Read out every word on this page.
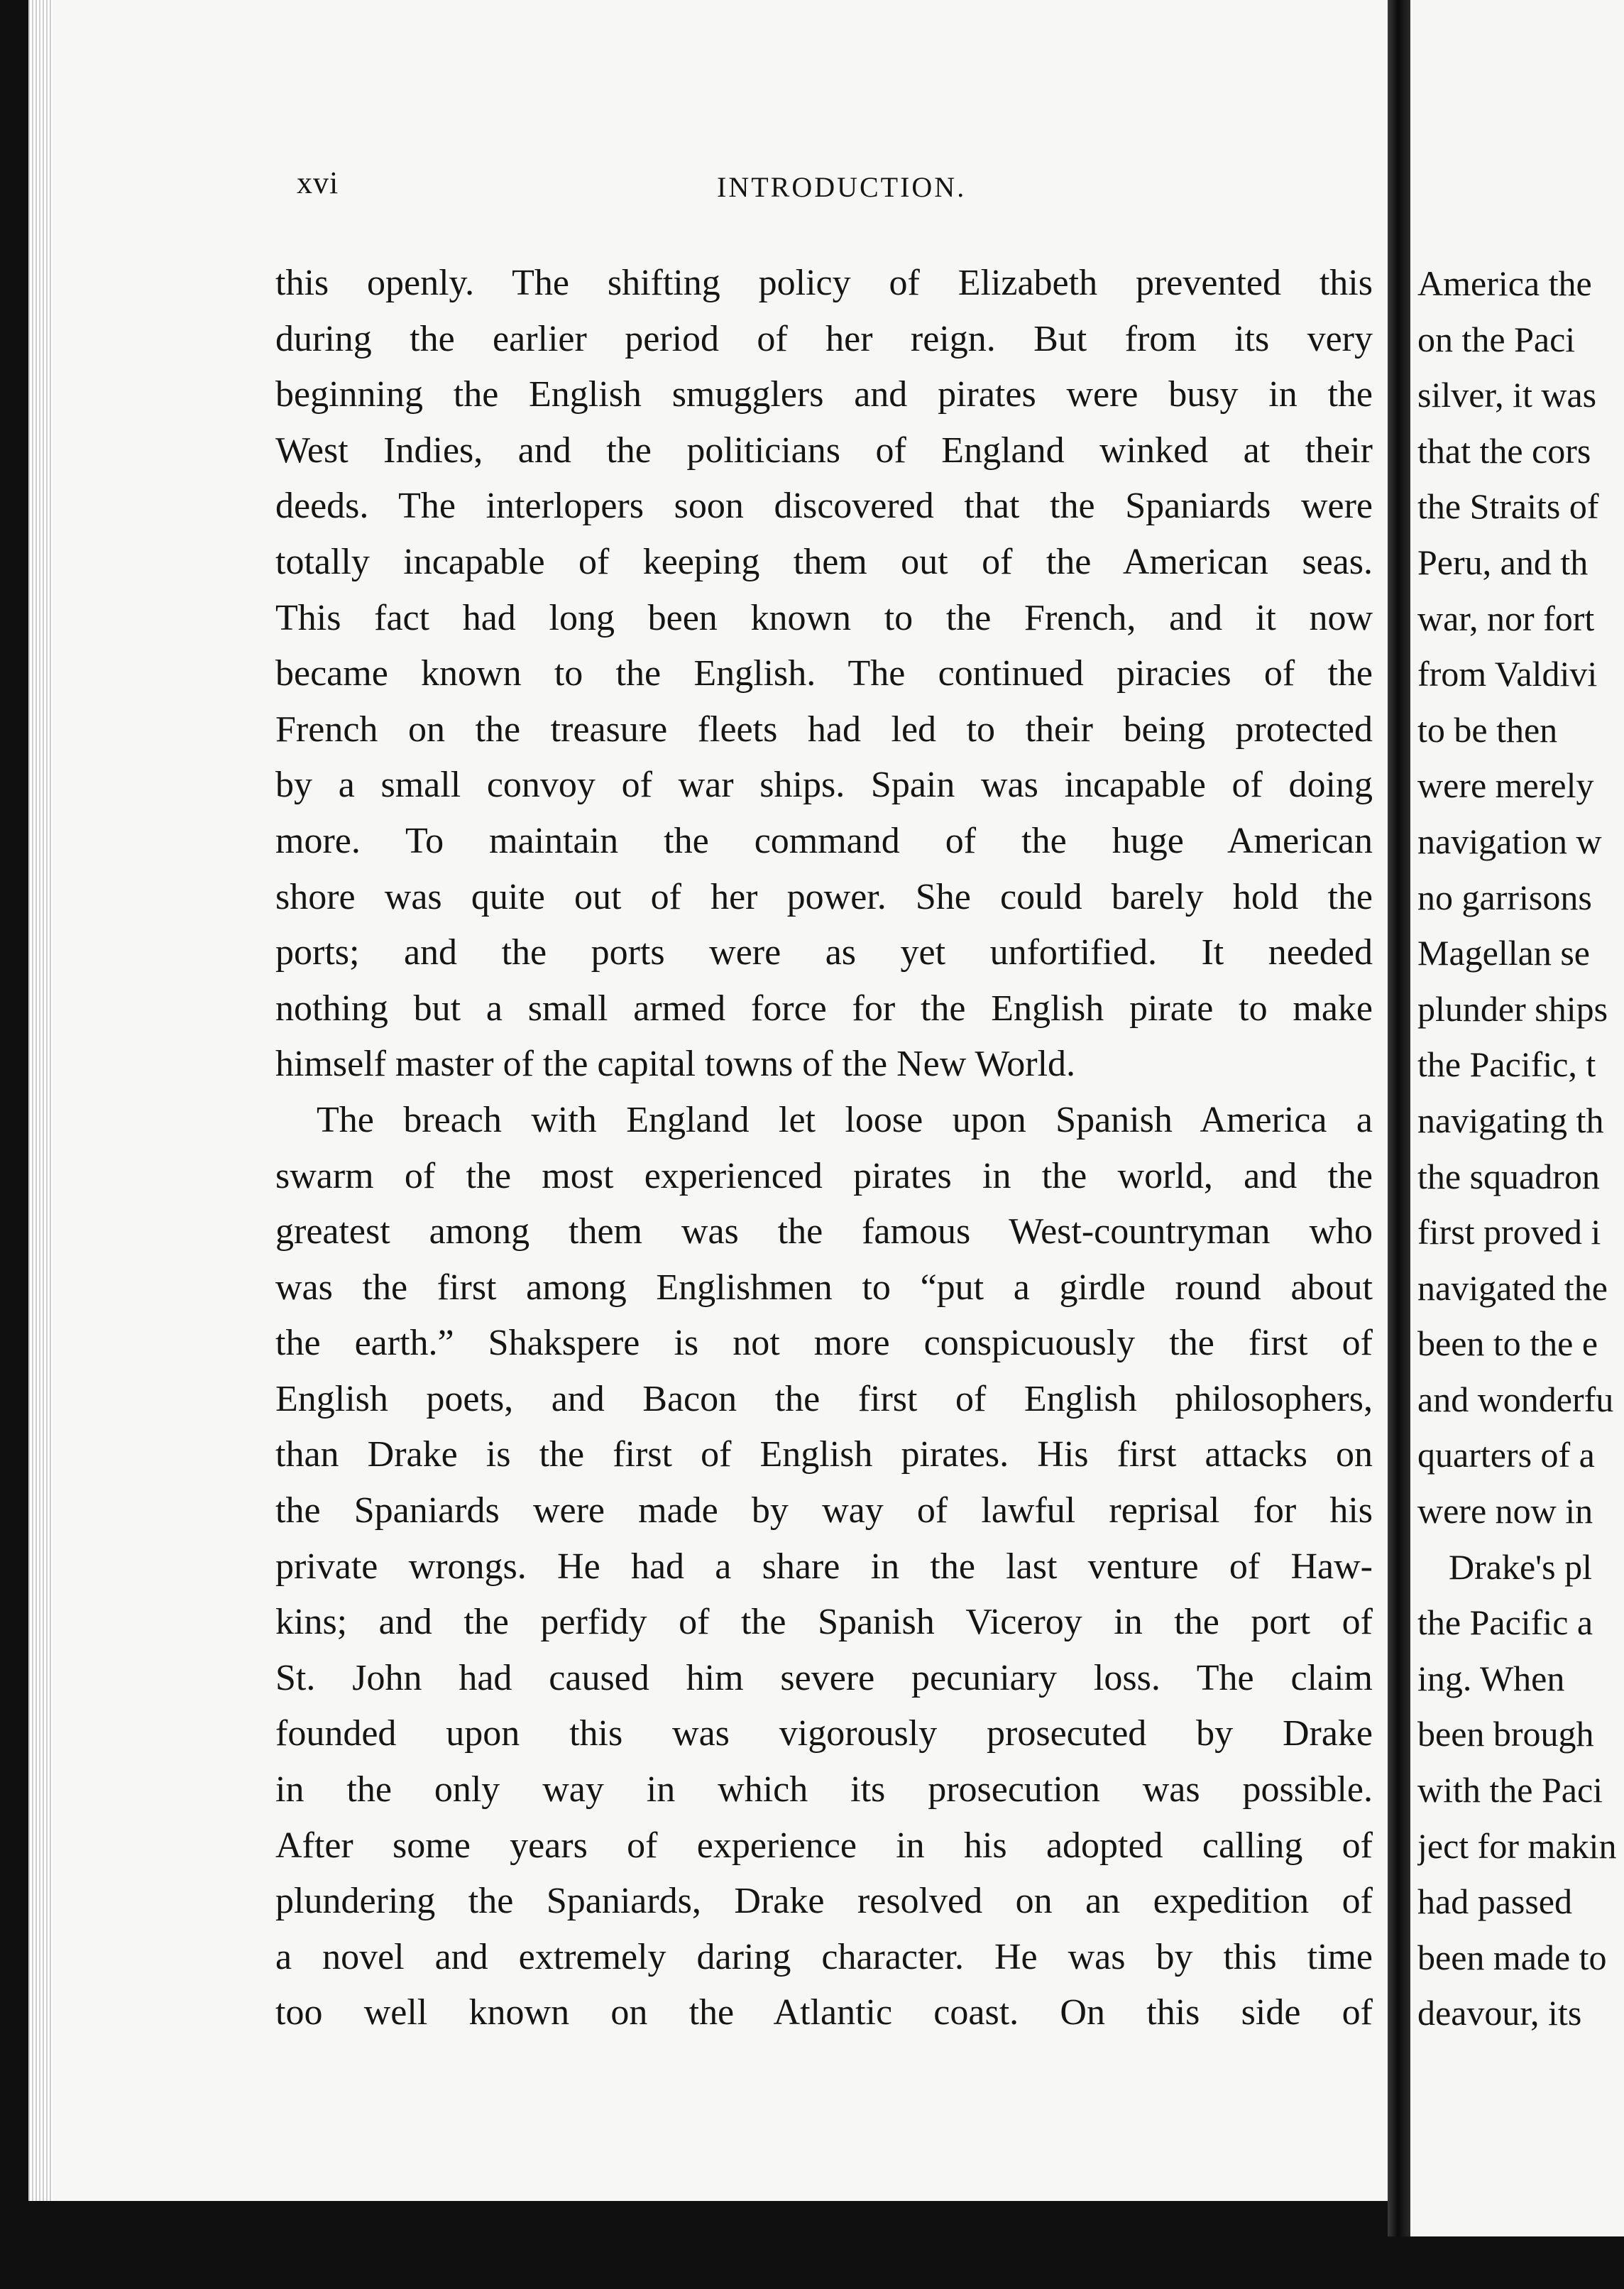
xvi	INTRODUCTION.
this openly. The shifting policy of Elizabeth prevented this
during the earlier period of her reign. But from its very
beginning the English smugglers and pirates were busy in the
West Indies, and the politicians of England winked at their
deeds. The interlopers soon discovered that the Spaniards were
totally incapable of keeping them out of the American seas.
This fact had long been known to the French, and it now
became known to the English. The continued piracies of the
French on the treasure fleets had led to their being protected
by a small convoy of war ships. Spain was incapable of doing
more. To maintain the command of the huge American
shore was quite out of her power. She could barely hold the
ports; and the ports were as yet unfortified. It needed
nothing but a small armed force for the English pirate to make
himself master of the capital towns of the New World.
The breach with England let loose upon Spanish America a
swarm of the most experienced pirates in the world, and the
greatest among them was the famous West-countryman who
was the first among Englishmen to “put a girdle round about
the earth.” Shakspere is not more conspicuously the first of
English poets, and Bacon the first of English philosophers,
than Drake is the first of English pirates. His first attacks on
the Spaniards were made by way of lawful reprisal for his
private wrongs. He had a share in the last venture of Haw-
kins; and the perfidy of the Spanish Viceroy in the port of
St. John had caused him severe pecuniary loss. The claim
founded upon this was vigorously prosecuted by Drake
in the only way in which its prosecution was possible.
After some years of experience in his adopted calling of
plundering the Spaniards, Drake resolved on an expedition of
a novel and extremely daring character. He was by this time
too well known on the Atlantic coast. On this side of
America the
on the Paci
silver, it was
that the cors
the Straits of
Peru, and th
war, nor fort
from Valdivi
to be then
were merely
navigation w
no garrisons
Magellan se
plunder ships
the Pacific, t
navigating th
the squadron
first proved i
navigated the
been to the e
and wonderfu
quarters of a
were now in
Drake's pl
the Pacific a
ing. When
been brough
with the Paci
ject for makin
had passed
been made to
deavour, its
